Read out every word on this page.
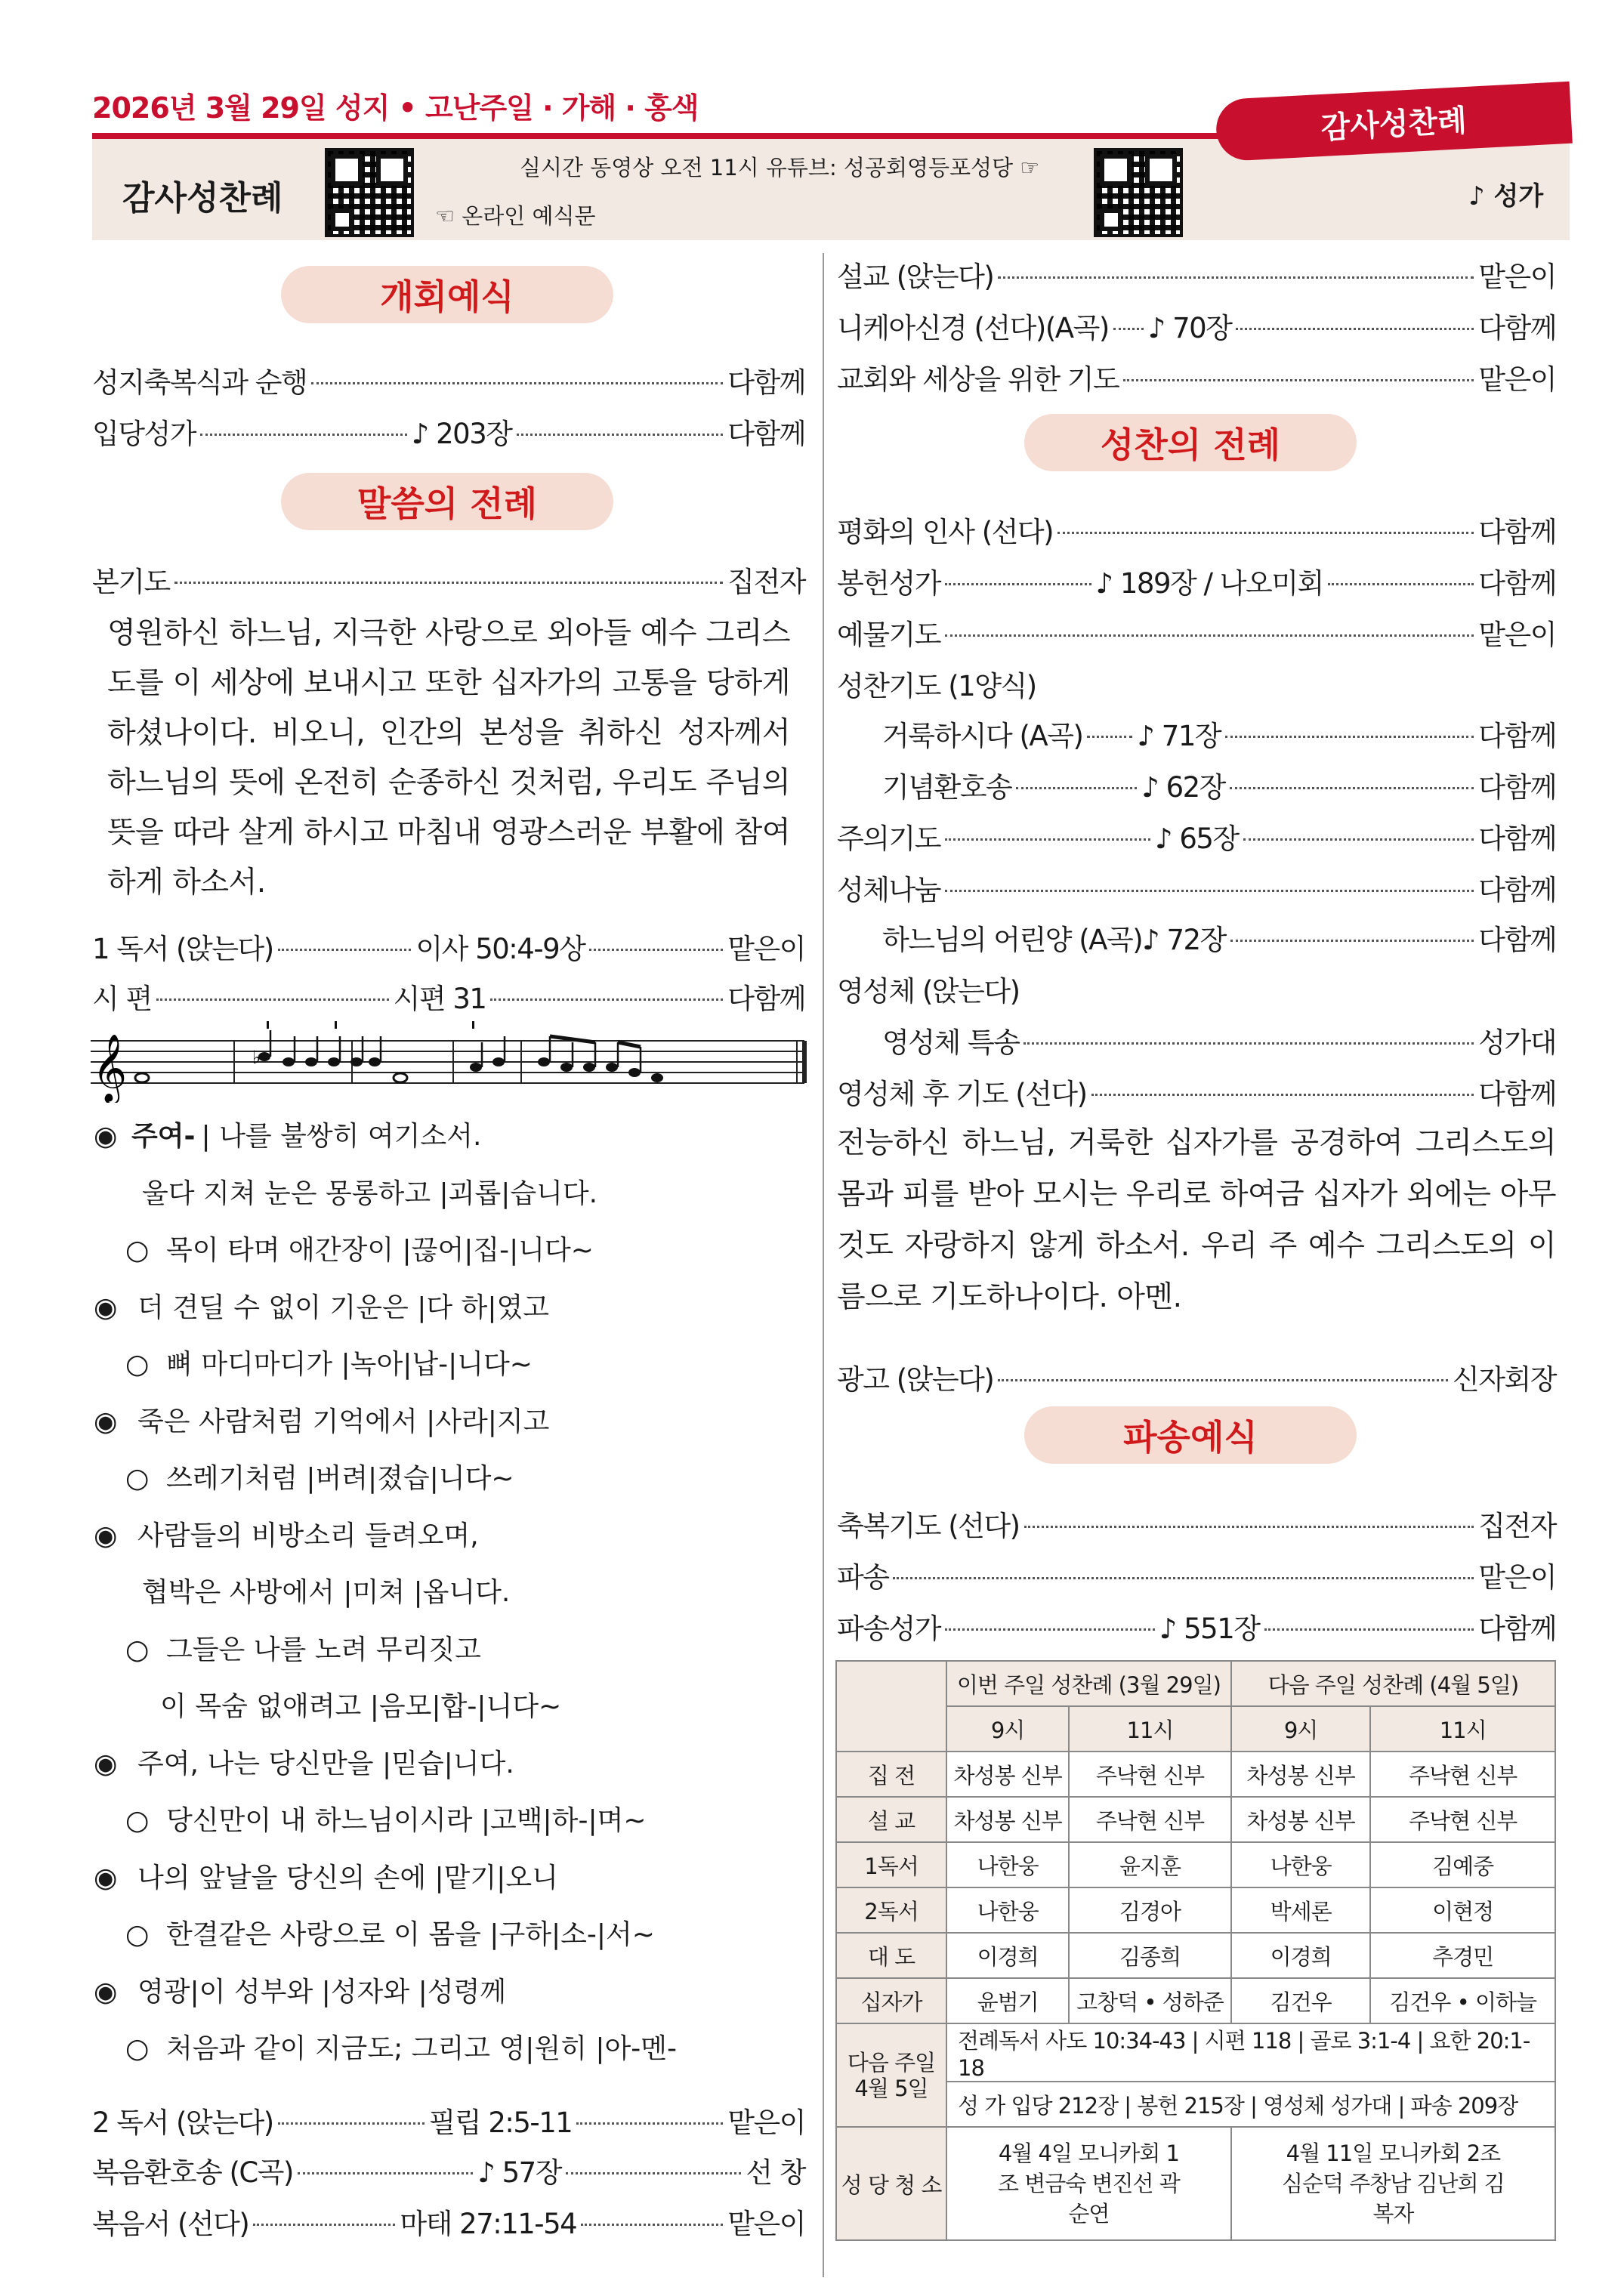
2026년 3월 29일 성지 • 고난주일 · 가해 · 홍색	감사성찬례
감사성찬례
실시간 동영상 오전 11시 유튜브: 성공회영등포성당 ☞
☜ 온라인 예식문
♪ 성가
개회예식
성지축복식과 순행	다함께
입당성가	♪ 203장	다함께
말씀의 전례
본기도	집전자
영원하신 하느님, 지극한 사랑으로 외아들 예수 그리스도를 이 세상에 보내시고 또한 십자가의 고통을 당하게 하셨나이다. 비오니, 인간의 본성을 취하신 성자께서 하느님의 뜻에 온전히 순종하신 것처럼, 우리도 주님의 뜻을 따라 살게 하시고 마침내 영광스러운 부활에 참여하게 하소서.
1 독서 (앉는다)	이사 50:4-9상	맡은이
시 편	시편 31	다함께
𝄞	♭
◉ 주여- | 나를 불쌍히 여기소서.
울다 지쳐 눈은 몽롱하고 |괴롭|습니다.
○ 목이 타며 애간장이 |끊어|집-|니다~
◉ 더 견딜 수 없이 기운은 |다 하|였고
○ 뼈 마디마디가 |녹아|납-|니다~
◉ 죽은 사람처럼 기억에서 |사라|지고
○ 쓰레기처럼 |버려|졌습|니다~
◉ 사람들의 비방소리 들려오며,
협박은 사방에서 |미쳐 |옵니다.
○ 그들은 나를 노려 무리짓고
이 목숨 없애려고 |음모|합-|니다~
◉ 주여, 나는 당신만을 |믿습|니다.
○ 당신만이 내 하느님이시라 |고백|하-|며~
◉ 나의 앞날을 당신의 손에 |맡기|오니
○ 한결같은 사랑으로 이 몸을 |구하|소-|서~
◉ 영광|이 성부와 |성자와 |성령께
○ 처음과 같이 지금도; 그리고 영|원히 |아-멘-
2 독서 (앉는다)	필립 2:5-11	맡은이
복음환호송 (C곡)	♪ 57장	선 창
복음서 (선다)	마태 27:11-54	맡은이
설교 (앉는다)	맡은이
니케아신경 (선다)(A곡) ♪ 70장	다함께
교회와 세상을 위한 기도	맡은이
성찬의 전례
평화의 인사 (선다)	다함께
봉헌성가	♪ 189장 / 나오미회	다함께
예물기도	맡은이
성찬기도 (1양식)
거룩하시다 (A곡) ♪ 71장	다함께
기념환호송	♪ 62장	다함께
주의기도	♪ 65장	다함께
성체나눔	다함께
하느님의 어린양 (A곡) ♪ 72장	다함께
영성체 (앉는다)
영성체 특송	성가대
영성체 후 기도 (선다)	다함께
전능하신 하느님, 거룩한 십자가를 공경하여 그리스도의 몸과 피를 받아 모시는 우리로 하여금 십자가 외에는 아무 것도 자랑하지 않게 하소서. 우리 주 예수 그리스도의 이름으로 기도하나이다. 아멘.
광고 (앉는다)	신자회장
파송예식
축복기도 (선다)	집전자
파송	맡은이
파송성가	♪ 551장	다함께
	이번 주일 성찬례 (3월 29일)		다음 주일 성찬례 (4월 5일)	
	9시	11시	9시	11시
집 전	차성봉 신부	주낙현 신부	차성봉 신부	주낙현 신부
설 교	차성봉 신부	주낙현 신부	차성봉 신부	주낙현 신부
1독서	나한웅	윤지훈	나한웅	김예중
2독서	나한웅	김경아	박세론	이현정
대 도	이경희	김종희	이경희	추경민
십자가	윤범기	고창덕 • 성하준	김건우	김건우 • 이하늘
다음 주일 4월 5일	전례독서 사도 10:34-43 | 시편 118 | 골로 3:1-4 | 요한 20:1-18			
	성 가 입당 212장 | 봉헌 215장 | 영성체 성가대 | 파송 209장			
성 당 청 소	4월 4일 모니카회 1조 변금숙 변진선 곽순연		4월 11일 모니카회 2조 심순덕 주창남 김난희 김복자	
